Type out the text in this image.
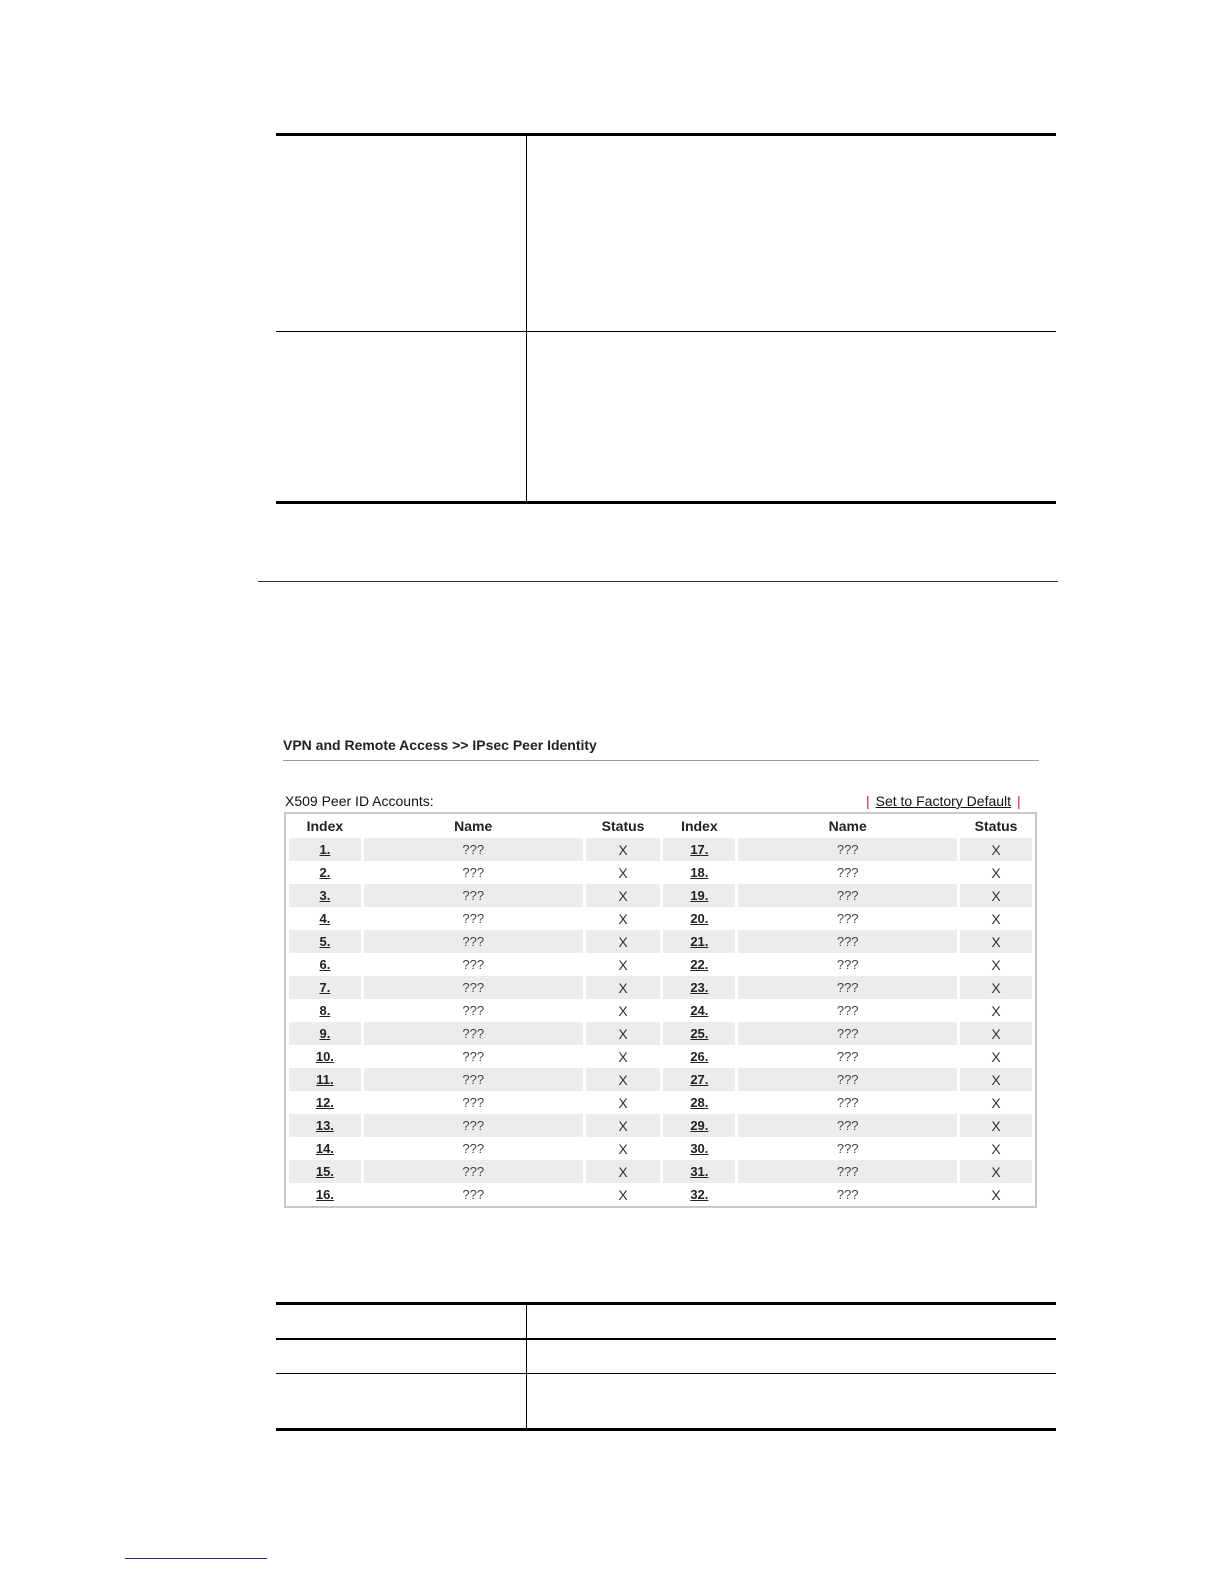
VPN and Remote Access >> IPsec Peer Identity
X509 Peer ID Accounts:	| Set to Factory Default |
Index	Name	Status	Index	Name	Status
1.	???	X	17.	???	X
2.	???	X	18.	???	X
3.	???	X	19.	???	X
4.	???	X	20.	???	X
5.	???	X	21.	???	X
6.	???	X	22.	???	X
7.	???	X	23.	???	X
8.	???	X	24.	???	X
9.	???	X	25.	???	X
10.	???	X	26.	???	X
11.	???	X	27.	???	X
12.	???	X	28.	???	X
13.	???	X	29.	???	X
14.	???	X	30.	???	X
15.	???	X	31.	???	X
16.	???	X	32.	???	X
